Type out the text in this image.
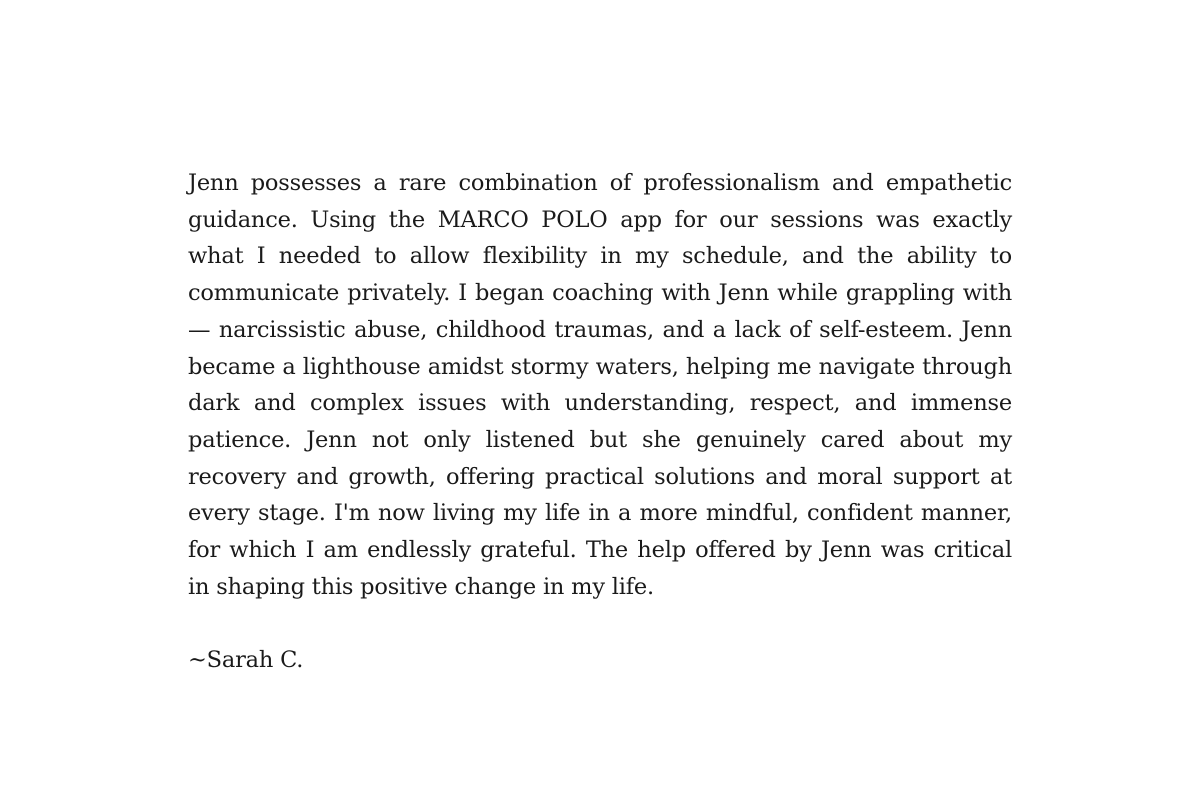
Jenn possesses a rare combination of professionalism and empathetic guidance. Using the MARCO POLO app for our sessions was exactly what I needed to allow flexibility in my schedule, and the ability to communicate privately. I began coaching with Jenn while grappling with— narcissistic abuse, childhood traumas, and a lack of self-esteem. Jenn became a lighthouse amidst stormy waters, helping me navigate through dark and complex issues with understanding, respect, and immense patience. Jenn not only listened but she genuinely cared about my recovery and growth, offering practical solutions and moral support at every stage. I'm now living my life in a more mindful, confident manner, for which I am endlessly grateful. The help offered by Jenn was critical in shaping this positive change in my life.

~Sarah C.
